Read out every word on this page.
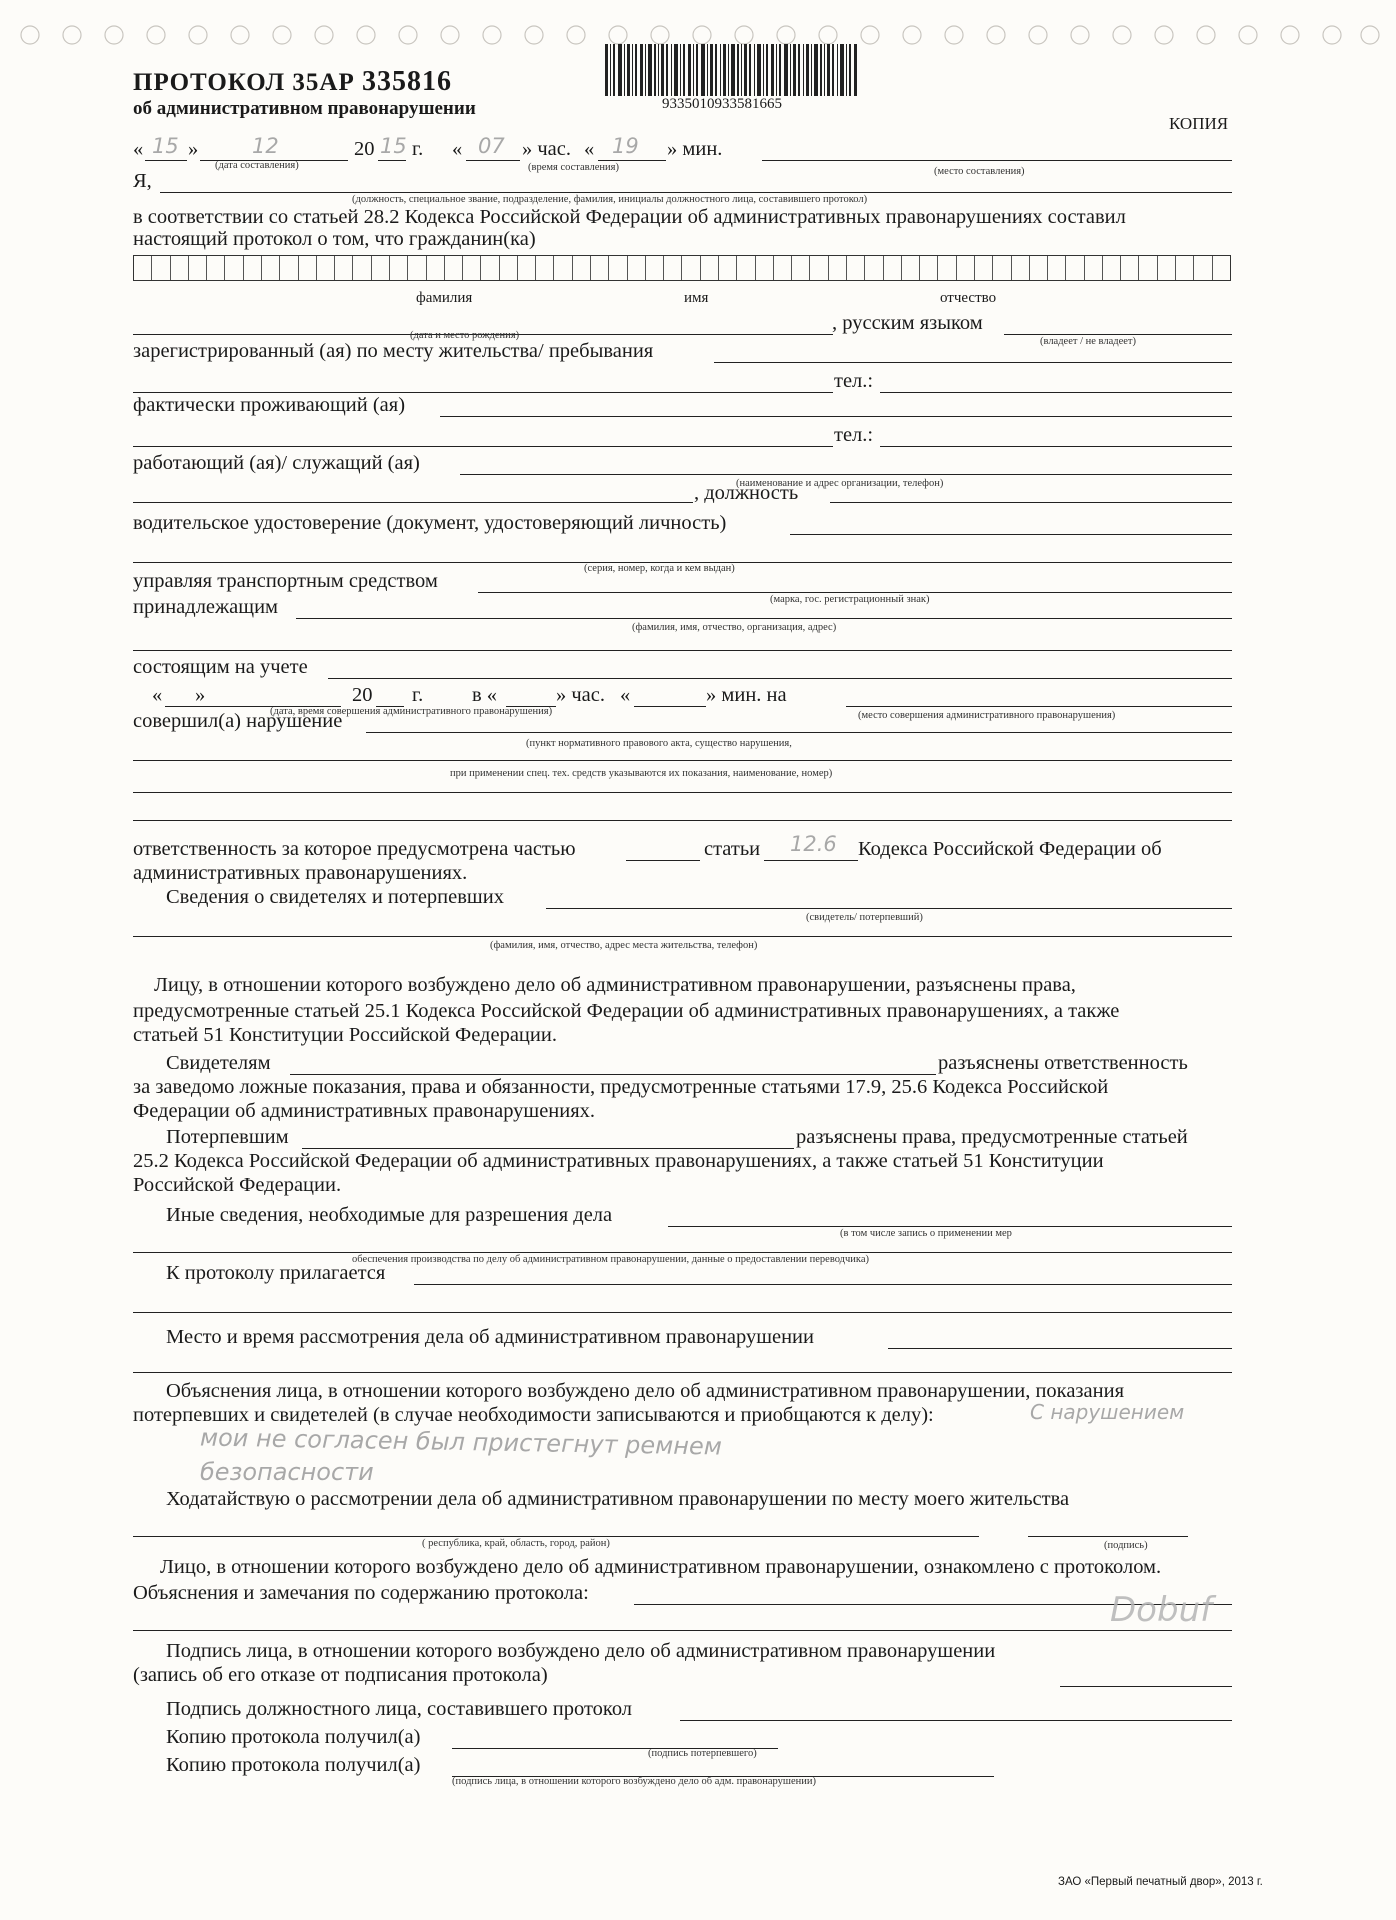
ПРОТОКОЛ 35АР 335816
об административном правонарушении	9335010933581665
КОПИЯ
« 15 »	12	20 15 г. « 07 » час. « 19 » мин.
(дата составления)	(время составления)	(место составления)
Я,
(должность, специальное звание, подразделение, фамилия, инициалы должностного лица, составившего протокол)
в соответствии со статьей 28.2 Кодекса Российской Федерации об административных правонарушениях составил
настоящий протокол о том, что гражданин(ка)
фамилия	имя	отчество
, русским языком
(дата и место рождения)
(владеет / не владеет)
зарегистрированный (ая) по месту жительства/ пребывания
тел.:
фактически проживающий (ая)
тел.:
работающий (ая)/ служащий (ая)
(наименование и адрес организации, телефон)
, должность
водительское удостоверение (документ, удостоверяющий личность)
(серия, номер, когда и кем выдан)
управляя транспортным средством
(марка, гос. регистрационный знак)
принадлежащим
(фамилия, имя, отчество, организация, адрес)
состоящим на учете
« »	20 г. в «	» час. «	» мин. на
(дата, время совершения административного правонарушения)	(место совершения административного правонарушения)
совершил(а) нарушение
(пункт нормативного правового акта, существо нарушения,
при применении спец. тех. средств указываются их показания, наименование, номер)
ответственность за которое предусмотрена частью	статьи 12.6 Кодекса Российской Федерации об
административных правонарушениях.
Сведения о свидетелях и потерпевших
(свидетель/ потерпевший)
(фамилия, имя, отчество, адрес места жительства, телефон)
Лицу, в отношении которого возбуждено дело об административном правонарушении, разъяснены права,
предусмотренные статьей 25.1 Кодекса Российской Федерации об административных правонарушениях, а также
статьей 51 Конституции Российской Федерации.
Свидетелям	разъяснены ответственность
за заведомо ложные показания, права и обязанности, предусмотренные статьями 17.9, 25.6 Кодекса Российской
Федерации об административных правонарушениях.
Потерпевшим	разъяснены права, предусмотренные статьей
25.2 Кодекса Российской Федерации об административных правонарушениях, а также статьей 51 Конституции
Российской Федерации.
Иные сведения, необходимые для разрешения дела
(в том числе запись о применении мер
обеспечения производства по делу об административном правонарушении, данные о предоставлении переводчика)
К протоколу прилагается
Место и время рассмотрения дела об административном правонарушении
Объяснения лица, в отношении которого возбуждено дело об административном правонарушении, показания
потерпевших и свидетелей (в случае необходимости записываются и приобщаются к делу):	С нарушением
мои не согласен был пристегнут ремнем
безопасности
Ходатайствую о рассмотрении дела об административном правонарушении по месту моего жительства
( республика, край, область, город, район)	(подпись)
Лицо, в отношении которого возбуждено дело об административном правонарушении, ознакомлено с протоколом.
Объяснения и замечания по содержанию протокола:
Подпись лица, в отношении которого возбуждено дело об административном правонарушении
(запись об его отказе от подписания протокола)
Dobuf
Подпись должностного лица, составившего протокол
Копию протокола получил(а)
(подпись потерпевшего)
Копию протокола получил(а)
(подпись лица, в отношении которого возбуждено дело об адм. правонарушении)
ЗАО «Первый печатный двор», 2013 г.
